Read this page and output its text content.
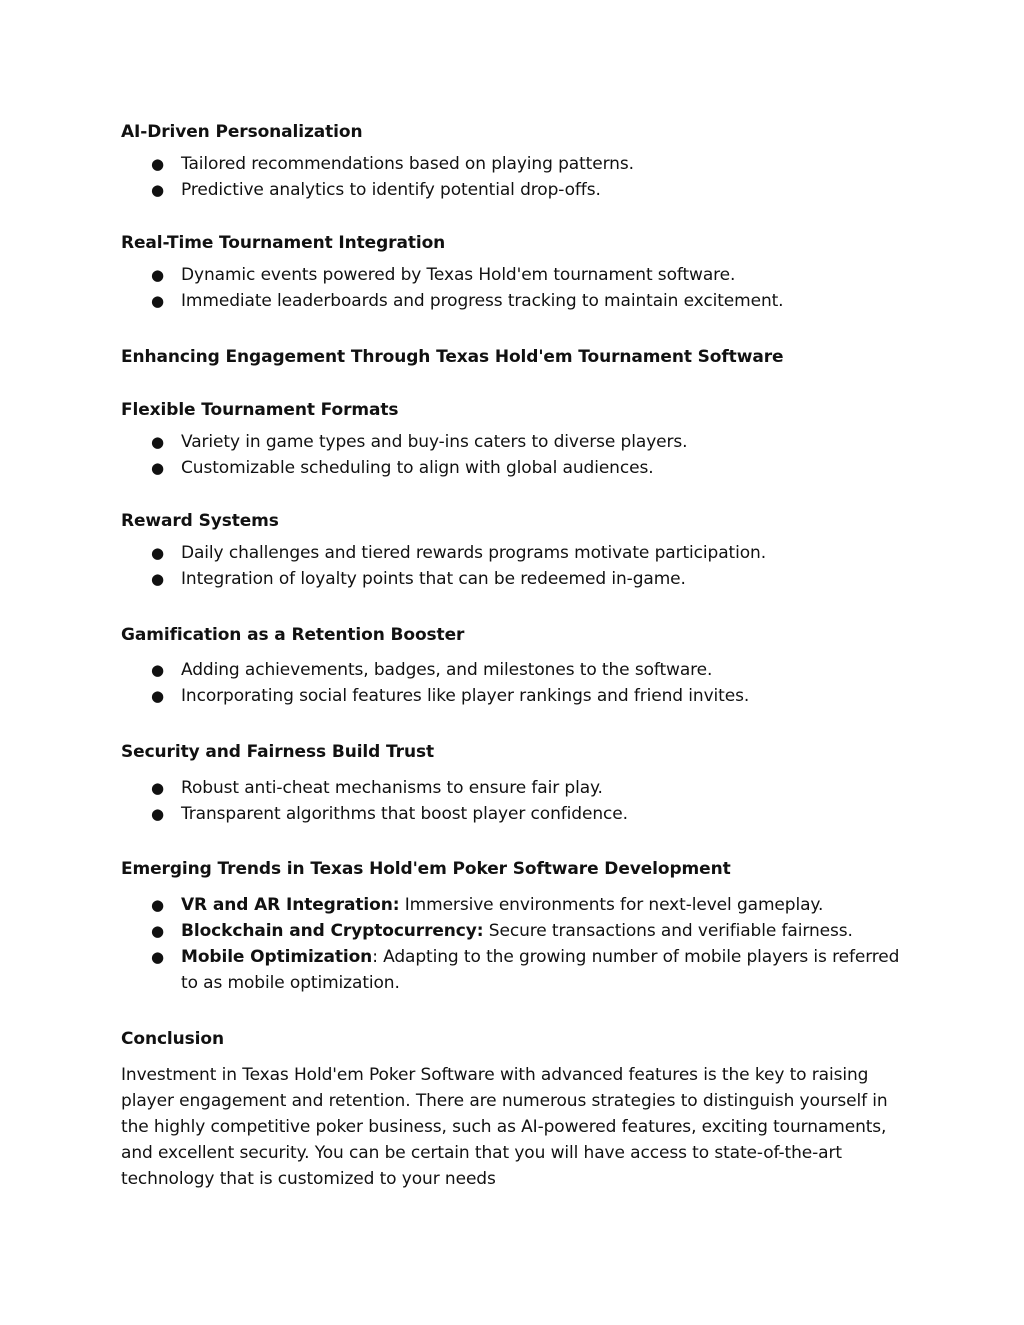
AI-Driven Personalization
● Tailored recommendations based on playing patterns.
● Predictive analytics to identify potential drop-offs.
Real-Time Tournament Integration
● Dynamic events powered by Texas Hold'em tournament software.
● Immediate leaderboards and progress tracking to maintain excitement.
Enhancing Engagement Through Texas Hold'em Tournament Software
Flexible Tournament Formats
● Variety in game types and buy-ins caters to diverse players.
● Customizable scheduling to align with global audiences.
Reward Systems
● Daily challenges and tiered rewards programs motivate participation.
● Integration of loyalty points that can be redeemed in-game.
Gamification as a Retention Booster
● Adding achievements, badges, and milestones to the software.
● Incorporating social features like player rankings and friend invites.
Security and Fairness Build Trust
● Robust anti-cheat mechanisms to ensure fair play.
● Transparent algorithms that boost player confidence.
Emerging Trends in Texas Hold'em Poker Software Development
● VR and AR Integration: Immersive environments for next-level gameplay.
● Blockchain and Cryptocurrency: Secure transactions and verifiable fairness.
● Mobile Optimization: Adapting to the growing number of mobile players is referred to as mobile optimization.
Conclusion

Investment in Texas Hold'em Poker Software with advanced features is the key to raising player engagement and retention. There are numerous strategies to distinguish yourself in the highly competitive poker business, such as AI-powered features, exciting tournaments, and excellent security. You can be certain that you will have access to state-of-the-art technology that is customized to your needs
